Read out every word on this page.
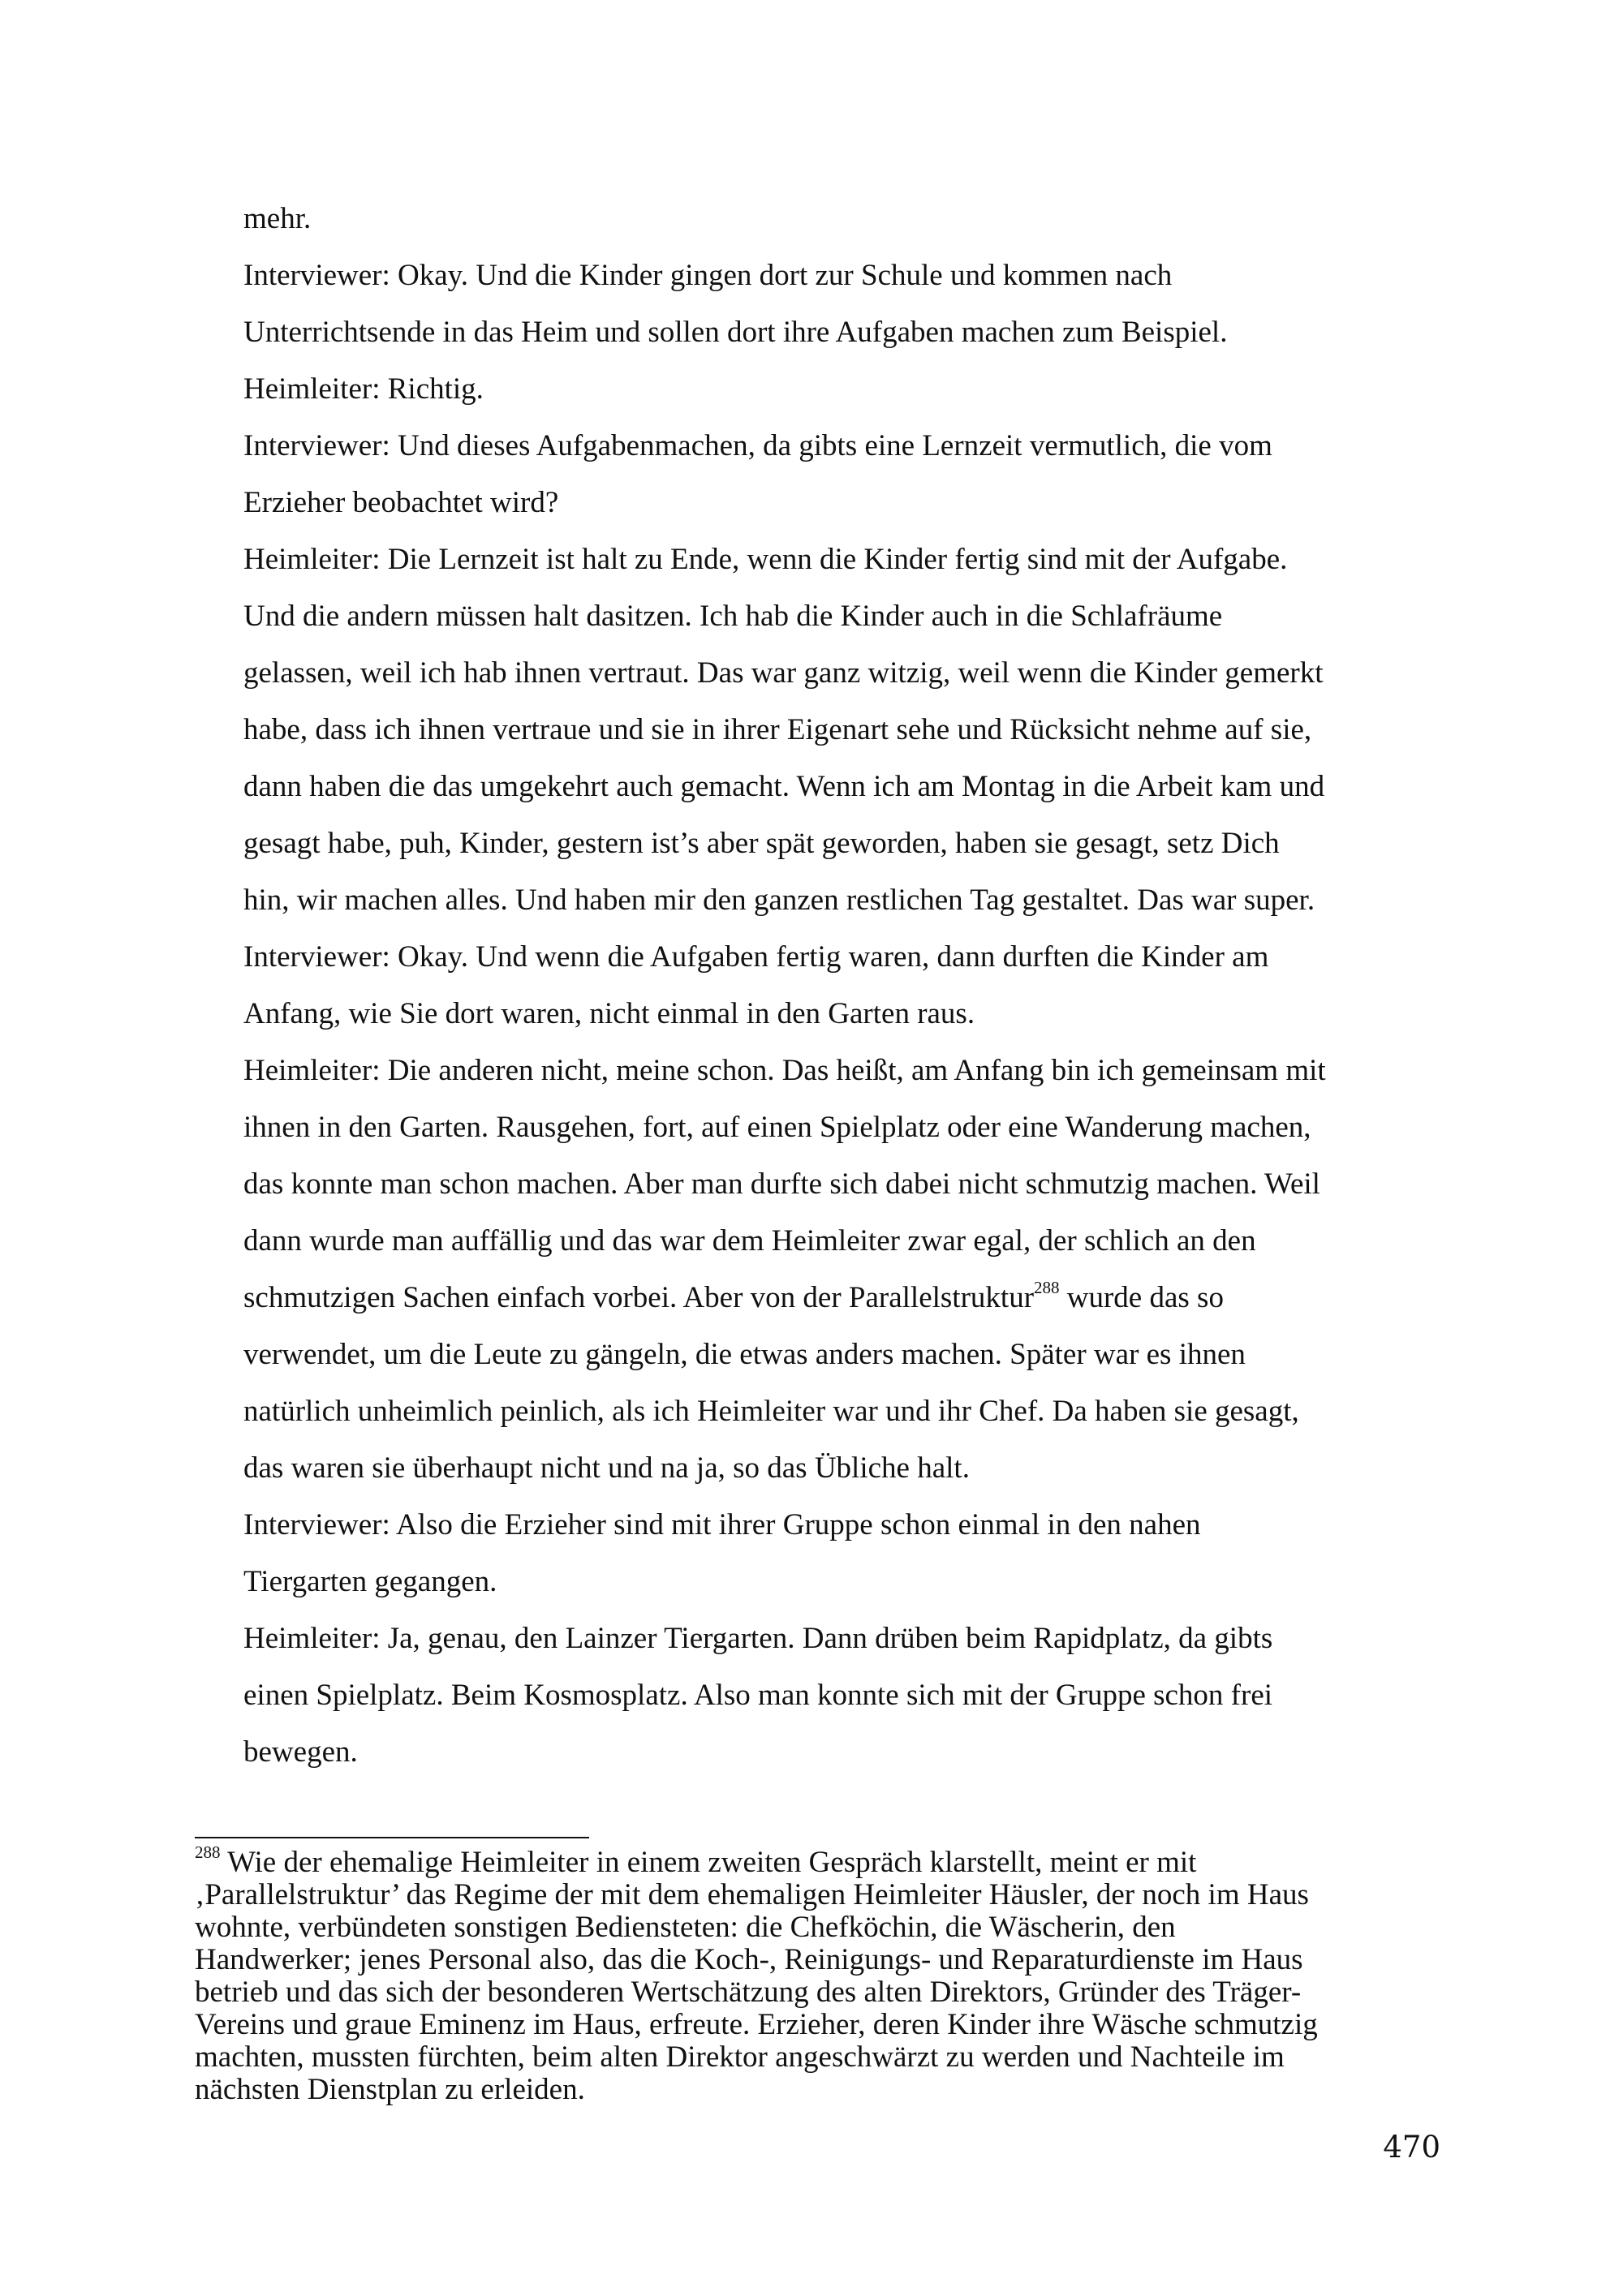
mehr.
Interviewer: Okay. Und die Kinder gingen dort zur Schule und kommen nach
Unterrichtsende in das Heim und sollen dort ihre Aufgaben machen zum Beispiel.
Heimleiter: Richtig.
Interviewer: Und dieses Aufgabenmachen, da gibts eine Lernzeit vermutlich, die vom
Erzieher beobachtet wird?
Heimleiter: Die Lernzeit ist halt zu Ende, wenn die Kinder fertig sind mit der Aufgabe.
Und die andern müssen halt dasitzen. Ich hab die Kinder auch in die Schlafräume
gelassen, weil ich hab ihnen vertraut. Das war ganz witzig, weil wenn die Kinder gemerkt
habe, dass ich ihnen vertraue und sie in ihrer Eigenart sehe und Rücksicht nehme auf sie,
dann haben die das umgekehrt auch gemacht. Wenn ich am Montag in die Arbeit kam und
gesagt habe, puh, Kinder, gestern ist’s aber spät geworden, haben sie gesagt, setz Dich
hin, wir machen alles. Und haben mir den ganzen restlichen Tag gestaltet. Das war super.
Interviewer: Okay. Und wenn die Aufgaben fertig waren, dann durften die Kinder am
Anfang, wie Sie dort waren, nicht einmal in den Garten raus.
Heimleiter: Die anderen nicht, meine schon. Das heißt, am Anfang bin ich gemeinsam mit
ihnen in den Garten. Rausgehen, fort, auf einen Spielplatz oder eine Wanderung machen,
das konnte man schon machen. Aber man durfte sich dabei nicht schmutzig machen. Weil
dann wurde man auffällig und das war dem Heimleiter zwar egal, der schlich an den
schmutzigen Sachen einfach vorbei. Aber von der Parallelstruktur$^{288}$ wurde das so
verwendet, um die Leute zu gängeln, die etwas anders machen. Später war es ihnen
natürlich unheimlich peinlich, als ich Heimleiter war und ihr Chef. Da haben sie gesagt,
das waren sie überhaupt nicht und na ja, so das Übliche halt.
Interviewer: Also die Erzieher sind mit ihrer Gruppe schon einmal in den nahen
Tiergarten gegangen.
Heimleiter: Ja, genau, den Lainzer Tiergarten. Dann drüben beim Rapidplatz, da gibts
einen Spielplatz. Beim Kosmosplatz. Also man konnte sich mit der Gruppe schon frei
bewegen.
$^{288}$ Wie der ehemalige Heimleiter in einem zweiten Gespräch klarstellt, meint er mit
‚Parallelstruktur’ das Regime der mit dem ehemaligen Heimleiter Häusler, der noch im Haus
wohnte, verbündeten sonstigen Bediensteten: die Chefköchin, die Wäscherin, den
Handwerker; jenes Personal also, das die Koch-, Reinigungs- und Reparaturdienste im Haus
betrieb und das sich der besonderen Wertschätzung des alten Direktors, Gründer des Träger-
Vereins und graue Eminenz im Haus, erfreute. Erzieher, deren Kinder ihre Wäsche schmutzig
machten, mussten fürchten, beim alten Direktor angeschwärzt zu werden und Nachteile im
nächsten Dienstplan zu erleiden.
470
